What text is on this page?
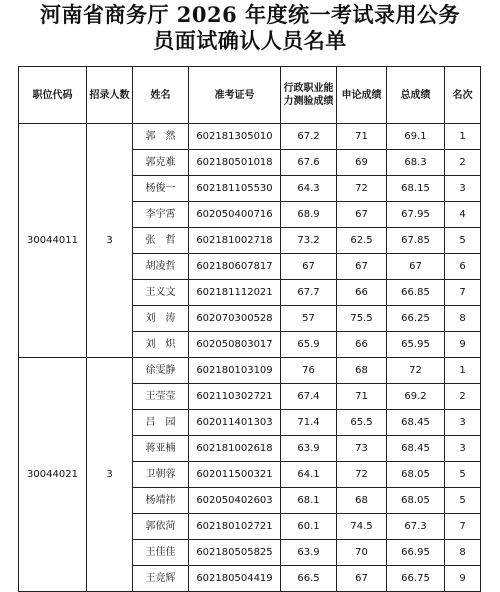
河南省商务厅 2026 年度统一考试录用公务
员面试确认人员名单
职位代码	招录人数	姓名	准考证号	行政职业能力测验成绩	申论成绩	总成绩	名次
30044011	3	郭　然	602181305010	67.2	71	69.1	1
		郭克难	602180501018	67.6	69	68.3	2
		杨俊一	602181105530	64.3	72	68.15	3
		李宇霄	602050400716	68.9	67	67.95	4
		张　哲	602181002718	73.2	62.5	67.85	5
		胡凌哲	602180607817	67	67	67	6
		王义文	602181112021	67.7	66	66.85	7
		刘　涛	602070300528	57	75.5	66.25	8
		刘　炽	602050803017	65.9	66	65.95	9
30044021	3	徐雯静	602180103109	76	68	72	1
		王莹莹	602110302721	67.4	71	69.2	2
		吕　园	602011401303	71.4	65.5	68.45	3
		蒋亚楠	602181002618	63.9	73	68.45	3
		卫朝蓉	602011500321	64.1	72	68.05	5
		杨靖祎	602050402603	68.1	68	68.05	5
		郭依菏	602180102721	60.1	74.5	67.3	7
		王佳佳	602180505825	63.9	70	66.95	8
		王竞辉	602180504419	66.5	67	66.75	9
